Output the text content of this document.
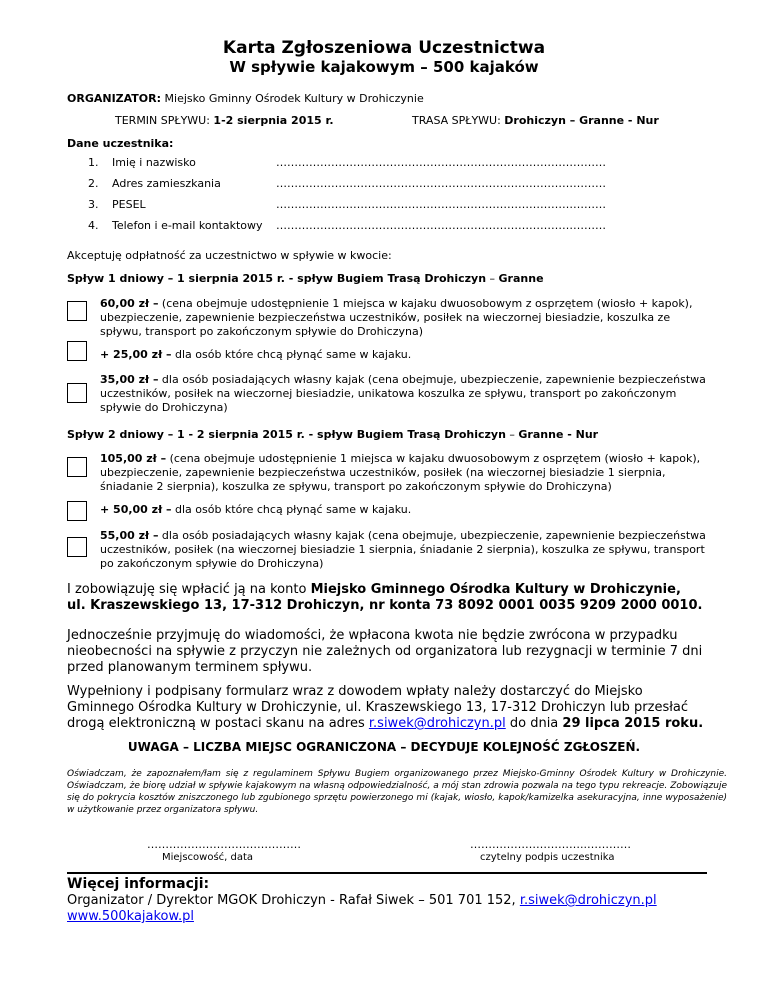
Karta Zgłoszeniowa Uczestnictwa
W spływie kajakowym – 500 kajaków
ORGANIZATOR: Miejsko Gminny Ośrodek Kultury w Drohiczynie
TERMIN SPŁYWU: 1-2 sierpnia 2015 r.	TRASA SPŁYWU: Drohiczyn – Granne - Nur
Dane uczestnika:
1. Imię i nazwisko	………………………………………………………………………………
2. Adres zamieszkania	………………………………………………………………………………
3. PESEL	………………………………………………………………………………
4. Telefon i e-mail kontaktowy ………………………………………………………………………………
Akceptuję odpłatność za uczestnictwo w spływie w kwocie:
Spływ 1 dniowy – 1 sierpnia 2015 r. - spływ Bugiem Trasą Drohiczyn – Granne
60,00 zł – (cena obejmuje udostępnienie 1 miejsca w kajaku dwuosobowym z osprzętem (wiosło + kapok), ubezpieczenie, zapewnienie bezpieczeństwa uczestników, posiłek na wieczornej biesiadzie, koszulka ze spływu, transport po zakończonym spływie do Drohiczyna)
+ 25,00 zł – dla osób które chcą płynąć same w kajaku.
35,00 zł – dla osób posiadających własny kajak (cena obejmuje, ubezpieczenie, zapewnienie bezpieczeństwa uczestników, posiłek na wieczornej biesiadzie, unikatowa koszulka ze spływu, transport po zakończonym spływie do Drohiczyna)
Spływ 2 dniowy – 1 - 2 sierpnia 2015 r. - spływ Bugiem Trasą Drohiczyn – Granne - Nur
105,00 zł – (cena obejmuje udostępnienie 1 miejsca w kajaku dwuosobowym z osprzętem (wiosło + kapok), ubezpieczenie, zapewnienie bezpieczeństwa uczestników, posiłek (na wieczornej biesiadzie 1 sierpnia, śniadanie 2 sierpnia), koszulka ze spływu, transport po zakończonym spływie do Drohiczyna)
+ 50,00 zł – dla osób które chcą płynąć same w kajaku.
55,00 zł – dla osób posiadających własny kajak (cena obejmuje, ubezpieczenie, zapewnienie bezpieczeństwa uczestników, posiłek (na wieczornej biesiadzie 1 sierpnia, śniadanie 2 sierpnia), koszulka ze spływu, transport po zakończonym spływie do Drohiczyna)
I zobowiązuję się wpłacić ją na konto Miejsko Gminnego Ośrodka Kultury w Drohiczynie,
ul. Kraszewskiego 13, 17-312 Drohiczyn, nr konta 73 8092 0001 0035 9209 2000 0010.
Jednocześnie przyjmuję do wiadomości, że wpłacona kwota nie będzie zwrócona w przypadku nieobecności na spływie z przyczyn nie zależnych od organizatora lub rezygnacji w terminie 7 dni przed planowanym terminem spływu.
Wypełniony i podpisany formularz wraz z dowodem wpłaty należy dostarczyć do Miejsko Gminnego Ośrodka Kultury w Drohiczynie, ul. Kraszewskiego 13, 17-312 Drohiczyn lub przesłać drogą elektroniczną w postaci skanu na adres r.siwek@drohiczyn.pl do dnia 29 lipca 2015 roku.
UWAGA – LICZBA MIEJSC OGRANICZONA – DECYDUJE KOLEJNOŚĆ ZGŁOSZEŃ.
Oświadczam, że zapoznałem/łam się z regulaminem Spływu Bugiem organizowanego przez Miejsko-Gminny Ośrodek Kultury w Drohiczynie. Oświadczam, że biorę udział w spływie kajakowym na własną odpowiedzialność, a mój stan zdrowia pozwala na tego typu rekreacje. Zobowiązuje się do pokrycia kosztów zniszczonego lub zgubionego sprzętu powierzonego mi (kajak, wiosło, kapok/kamizelka asekuracyjna, inne wyposażenie) w użytkowanie przez organizatora spływu.
……………………………………
Miejscowość, data
…………………………..…………
czytelny podpis uczestnika
Więcej informacji:
Organizator / Dyrektor MGOK Drohiczyn - Rafał Siwek – 501 701 152, r.siwek@drohiczyn.pl
www.500kajakow.pl
